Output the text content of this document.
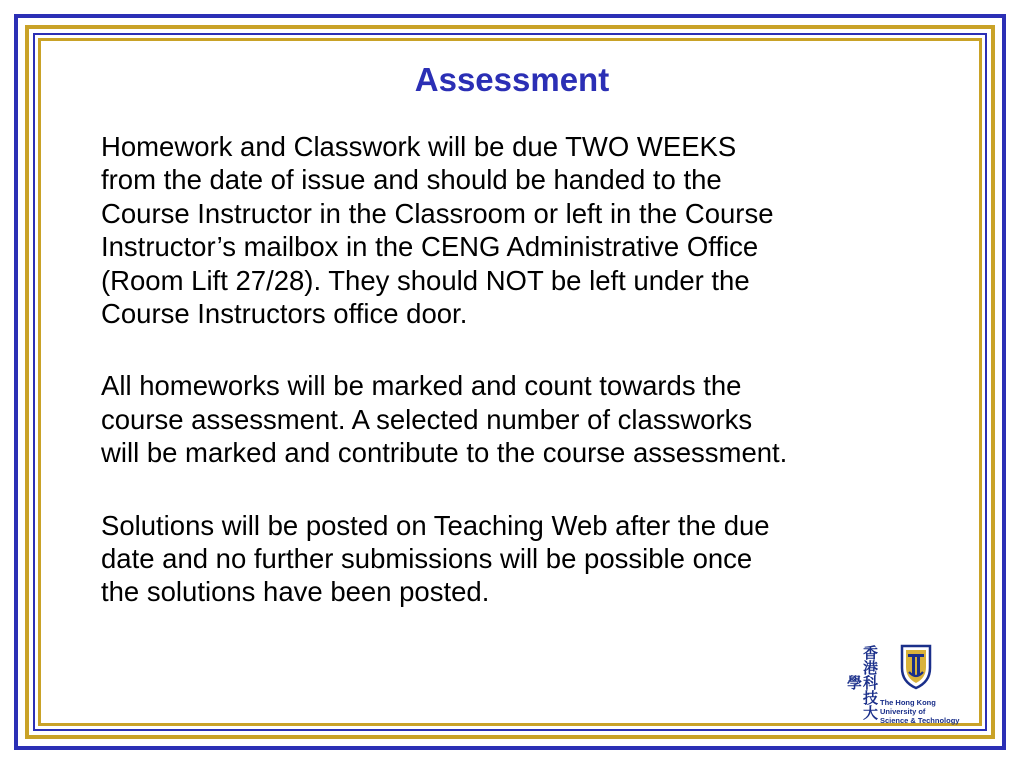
Assessment

Homework and Classwork will be due TWO WEEKS
from the date of issue and should be handed to the
Course Instructor in the Classroom or left in the Course
Instructor’s mailbox in the CENG Administrative Office
(Room Lift 27/28). They should NOT be left under the
Course Instructors office door.

All homeworks will be marked and count towards the
course assessment. A selected number of classworks
will be marked and contribute to the course assessment.

Solutions will be posted on Teaching Web after the due
date and no further submissions will be possible once
the solutions have been posted.

香港科技大學
The Hong Kong
University of
Science & Technology
